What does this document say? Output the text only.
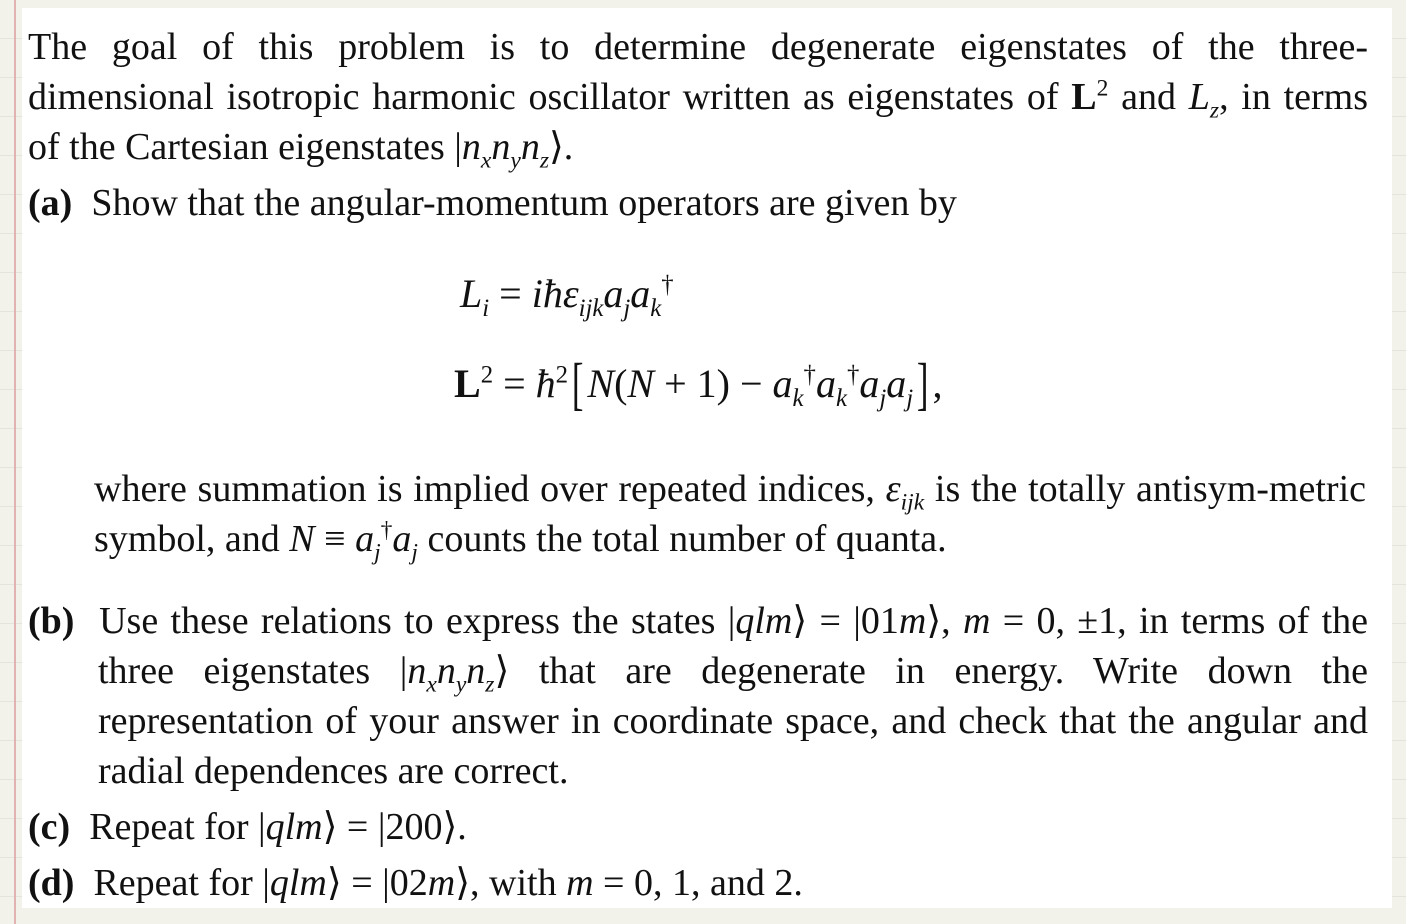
The goal of this problem is to determine degenerate eigenstates of the three-dimensional isotropic harmonic oscillator written as eigenstates of $L^2$ and $L_z$, in terms of the Cartesian eigenstates $|n_xn_yn_z⟩$.

(a) Show that the angular-momentum operators are given by

$L_i$ = $iħ\varepsilon_{ijk}a_ja_k^\dagger$
$L^2$ = $ħ^2[N(N + 1) - a_k^\dagger a_k^\dagger a_ja_j]$,

where summation is implied over repeated indices, $\varepsilon_{ijk}$ is the totally antisym-metric symbol, and $N \equiv a_j^\dagger a_j$ counts the total number of quanta.

(b) Use these relations to express the states |qlm⟩ = |01m⟩, m = 0, ±1, in terms of the three eigenstates $|n_xn_yn_z⟩$ that are degenerate in energy. Write down the representation of your answer in coordinate space, and check that the angular and radial dependences are correct.

(c) Repeat for |qlm⟩ = |200⟩.

(d) Repeat for |qlm⟩ = |02m⟩, with m = 0, 1, and 2.
